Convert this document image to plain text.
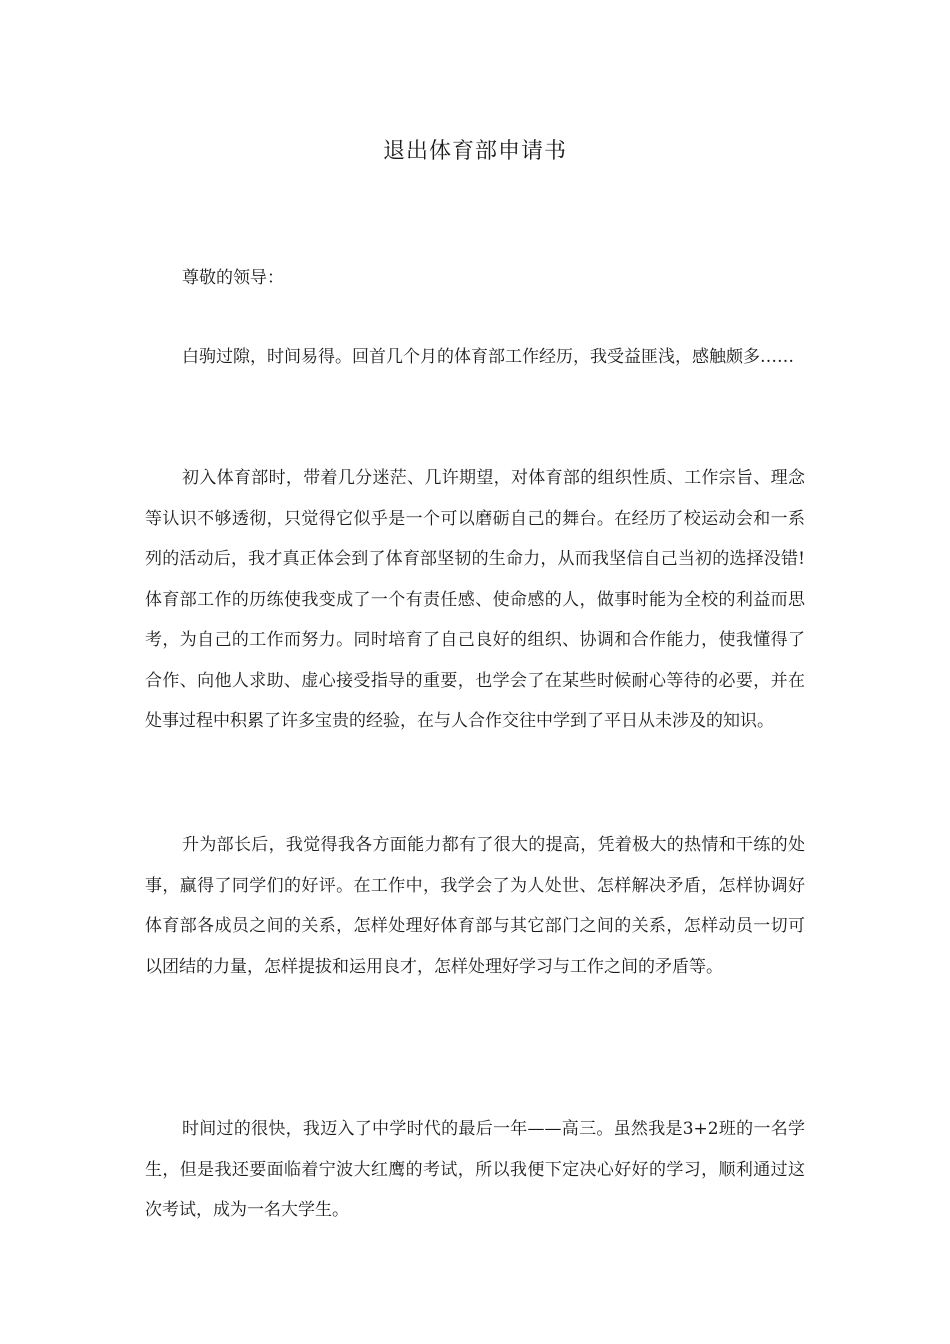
退出体育部申请书
尊敬的领导：

白驹过隙，时间易得。回首几个月的体育部工作经历，我受益匪浅，感触颇多……

初入体育部时，带着几分迷茫、几许期望，对体育部的组织性质、工作宗旨、理念等认识不够透彻，只觉得它似乎是一个可以磨砺自己的舞台。在经历了校运动会和一系列的活动后，我才真正体会到了体育部坚韧的生命力，从而我坚信自己当初的选择没错!体育部工作的历练使我变成了一个有责任感、使命感的人，做事时能为全校的利益而思考，为自己的工作而努力。同时培育了自己良好的组织、协调和合作能力，使我懂得了合作、向他人求助、虚心接受指导的重要，也学会了在某些时候耐心等待的必要，并在处事过程中积累了许多宝贵的经验，在与人合作交往中学到了平日从未涉及的知识。

升为部长后，我觉得我各方面能力都有了很大的提高，凭着极大的热情和干练的处事，赢得了同学们的好评。在工作中，我学会了为人处世、怎样解决矛盾，怎样协调好体育部各成员之间的关系，怎样处理好体育部与其它部门之间的关系，怎样动员一切可以团结的力量，怎样提拔和运用良才，怎样处理好学习与工作之间的矛盾等。

时间过的很快，我迈入了中学时代的最后一年——高三。虽然我是3+2班的一名学生，但是我还要面临着宁波大红鹰的考试，所以我便下定决心好好的学习，顺利通过这次考试，成为一名大学生。
